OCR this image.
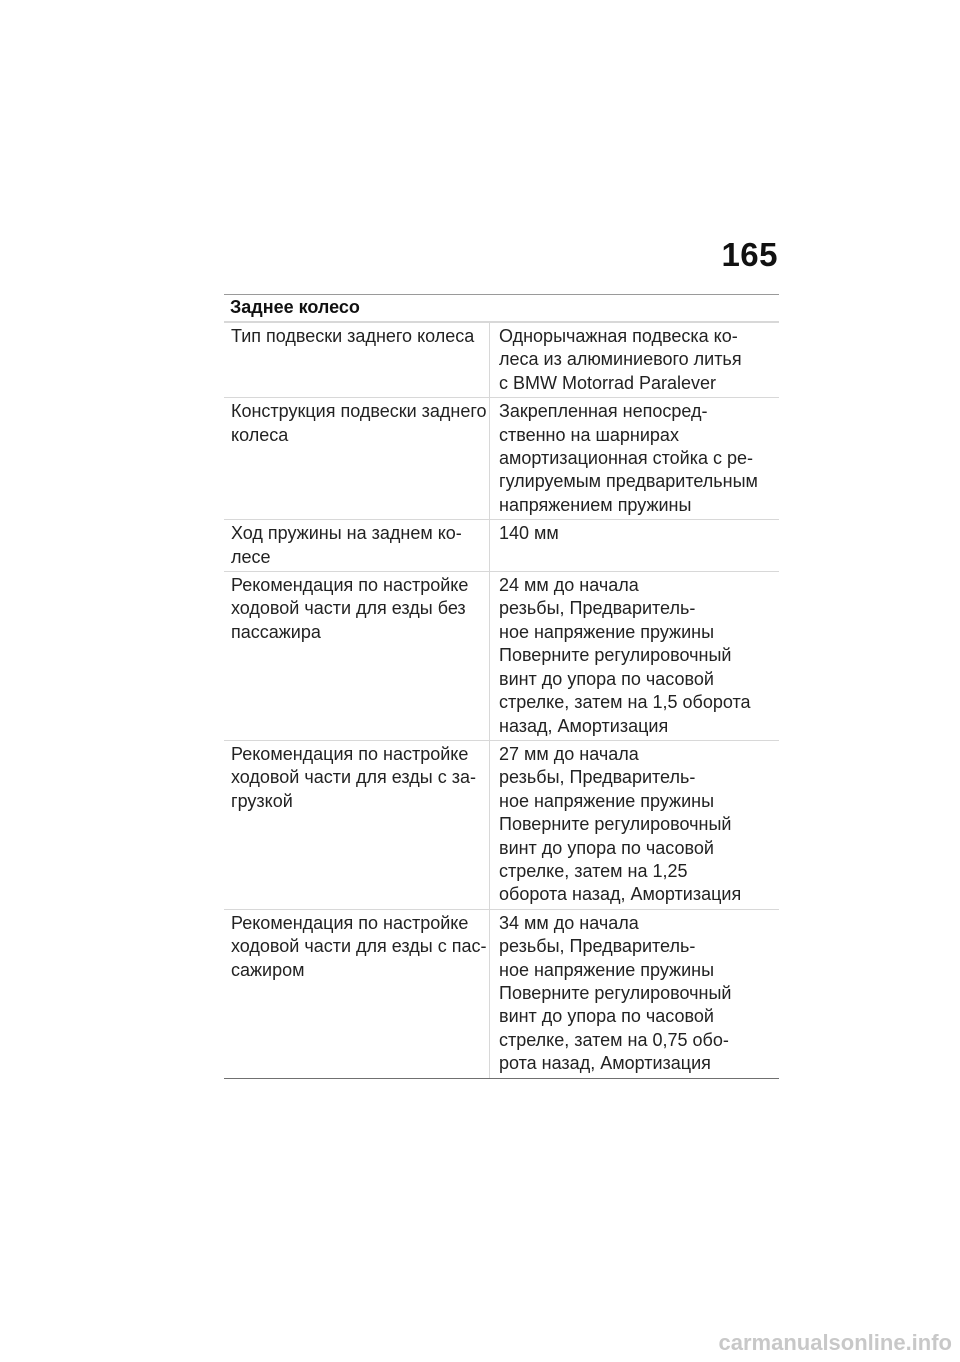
165
Заднее колесо
Тип подвески заднего колеса	Однорычажная подвеска ко-
леса из алюминиевого литья
с BMW Motorrad Paralever
Конструкция подвески заднего
колеса
Закрепленная непосред-
ственно на шарнирах
амортизационная стойка с ре-
гулируемым предварительным
напряжением пружины
Ход пружины на заднем ко-
лесе
140 мм
Рекомендация по настройке
ходовой части для езды без
пассажира
24 мм до начала
резьбы, Предваритель-
ное напряжение пружины
Поверните регулировочный
винт до упора по часовой
стрелке, затем на 1,5 оборота
назад, Амортизация
Рекомендация по настройке
ходовой части для езды с за-
грузкой
27 мм до начала
резьбы, Предваритель-
ное напряжение пружины
Поверните регулировочный
винт до упора по часовой
стрелке, затем на 1,25
оборота назад, Амортизация
Рекомендация по настройке
ходовой части для езды с пас-
сажиром
34 мм до начала
резьбы, Предваритель-
ное напряжение пружины
Поверните регулировочный
винт до упора по часовой
стрелке, затем на 0,75 обо-
рота назад, Амортизация
carmanualsonline.info
